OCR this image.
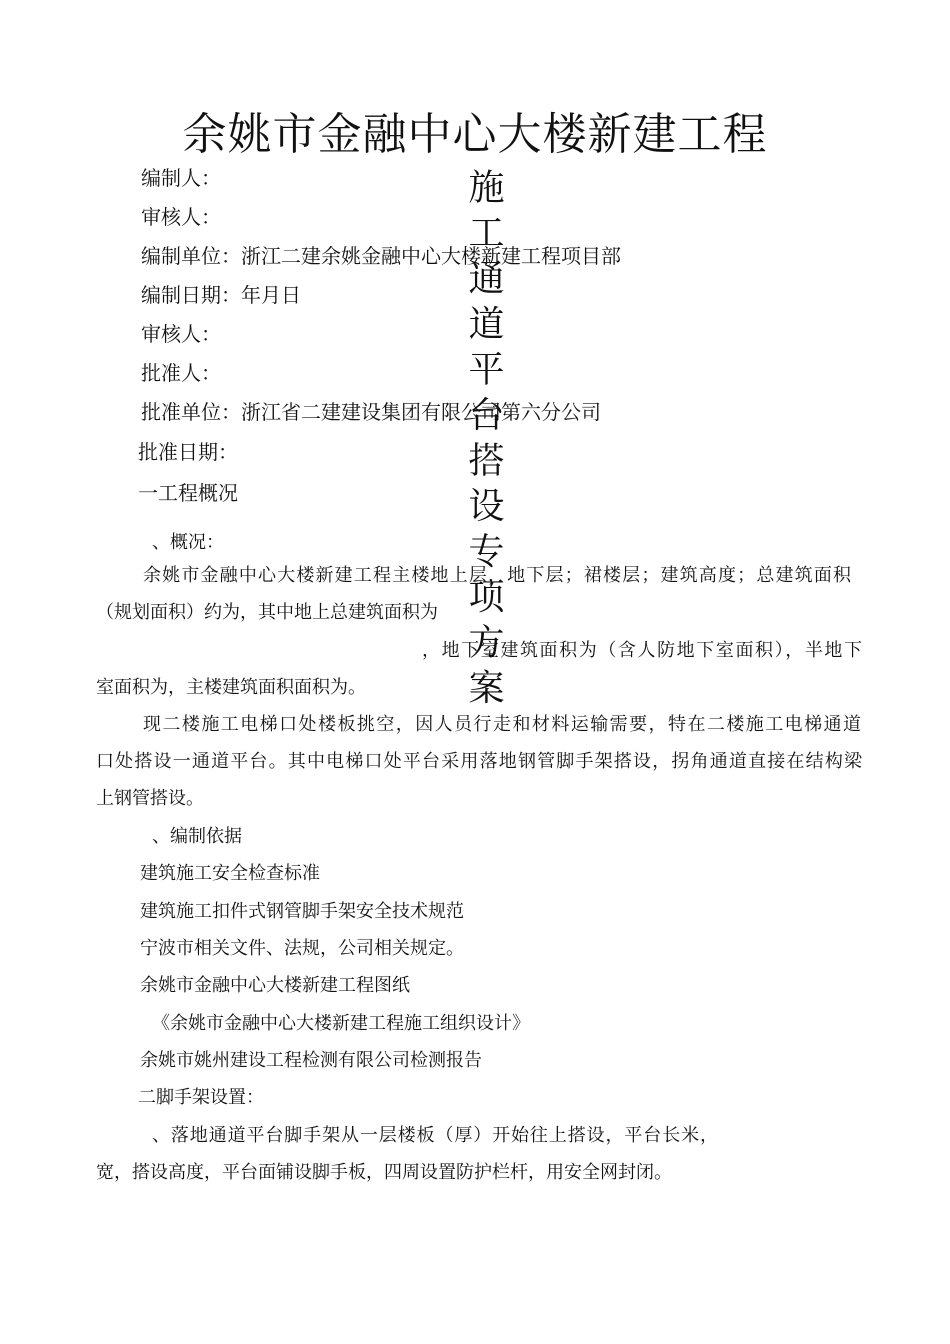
余姚市金融中心大楼新建工程
施工通道平台搭设专项方案
编制人：
审核人：
编制单位：浙江二建余姚金融中心大楼新建工程项目部
编制日期：年月日
审核人：
批准人：
批准单位：浙江省二建建设集团有限公司第六分公司
批准日期：
一工程概况
、概况：
余姚市金融中心大楼新建工程主楼地上层，地下层；裙楼层；建筑高度；总建筑面积
（规划面积）约为，其中地上总建筑面积为
，地下室建筑面积为（含人防地下室面积），半地下
室面积为，主楼建筑面积面积为。
现二楼施工电梯口处楼板挑空，因人员行走和材料运输需要，特在二楼施工电梯通道
口处搭设一通道平台。其中电梯口处平台采用落地钢管脚手架搭设，拐角通道直接在结构梁
上钢管搭设。
、编制依据
建筑施工安全检查标准
建筑施工扣件式钢管脚手架安全技术规范
宁波市相关文件、法规，公司相关规定。
余姚市金融中心大楼新建工程图纸
《余姚市金融中心大楼新建工程施工组织设计》
余姚市姚州建设工程检测有限公司检测报告
二脚手架设置：
、落地通道平台脚手架从一层楼板（厚）开始往上搭设，平台长米，
宽，搭设高度，平台面铺设脚手板，四周设置防护栏杆，用安全网封闭。
